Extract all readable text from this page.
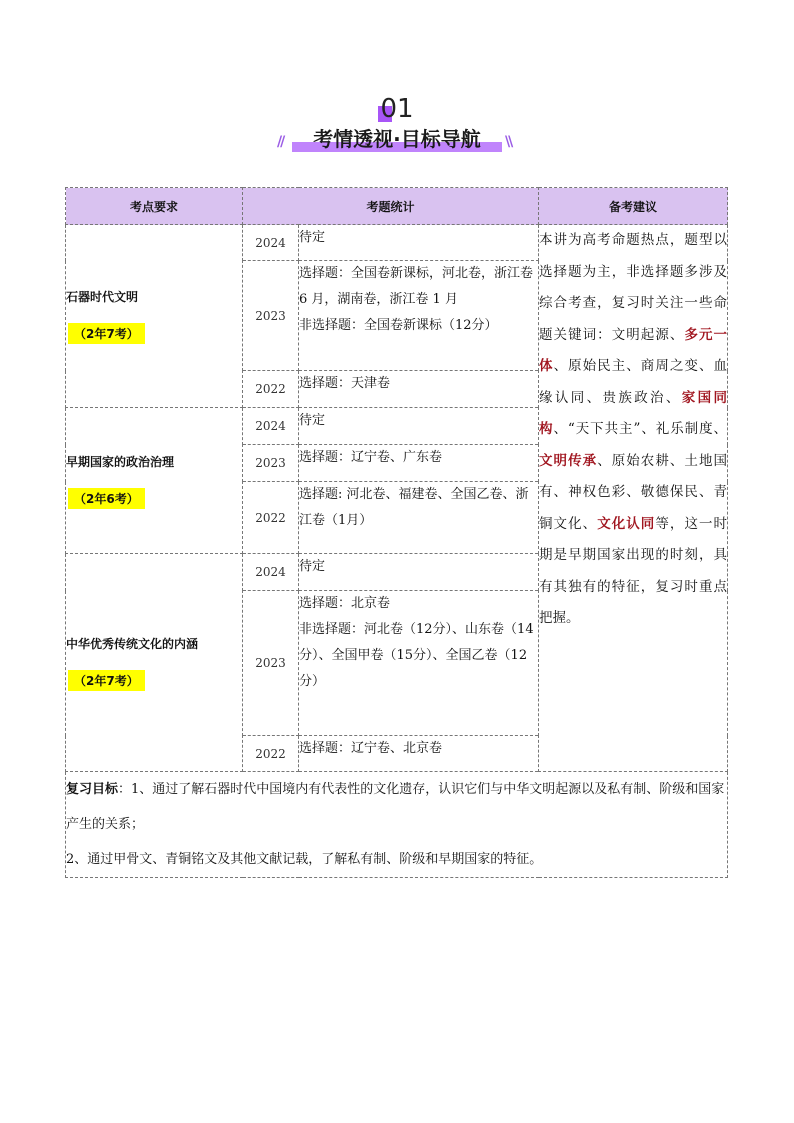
01
//	考情透视·目标导航	\\
考点要求	考题统计		备考建议

石器时代文明
（2年7考）	2024	待定	本讲为高考命题热点，题型以选择题为主，非选择题多涉及综合考查，复习时关注一些命题关键词：文明起源、多元一体、原始民主、商周之变、血缘认同、贵族政治、家国同构、“天下共主”、礼乐制度、文明传承、原始农耕、土地国有、神权色彩、敬德保民、青铜文化、文化认同等，这一时期是早期国家出现的时刻，具有其独有的特征，复习时重点把握。
	2023	选择题：全国卷新课标，河北卷，浙江卷 6 月，湖南卷，浙江卷 1 月
非选择题：全国卷新课标（12分）	

	2022	选择题：天津卷	

早期国家的政治治理
（2年6考）	2024	待定	
	2023	选择题：辽宁卷、广东卷	
	2022	选择题: 河北卷、福建卷、全国乙卷、浙江卷（1月）	

中华优秀传统文化的内涵
（2年7考）	2024	待定	
	2023	选择题：北京卷
非选择题：河北卷（12分）、山东卷（14分）、全国甲卷（15分）、全国乙卷（12分）	

	2022	选择题：辽宁卷、北京卷	

复习目标：1、通过了解石器时代中国境内有代表性的文化遗存，认识它们与中华文明起源以及私有制、阶级和国家产生的关系；
2、通过甲骨文、青铜铭文及其他文献记载，了解私有制、阶级和早期国家的特征。			
